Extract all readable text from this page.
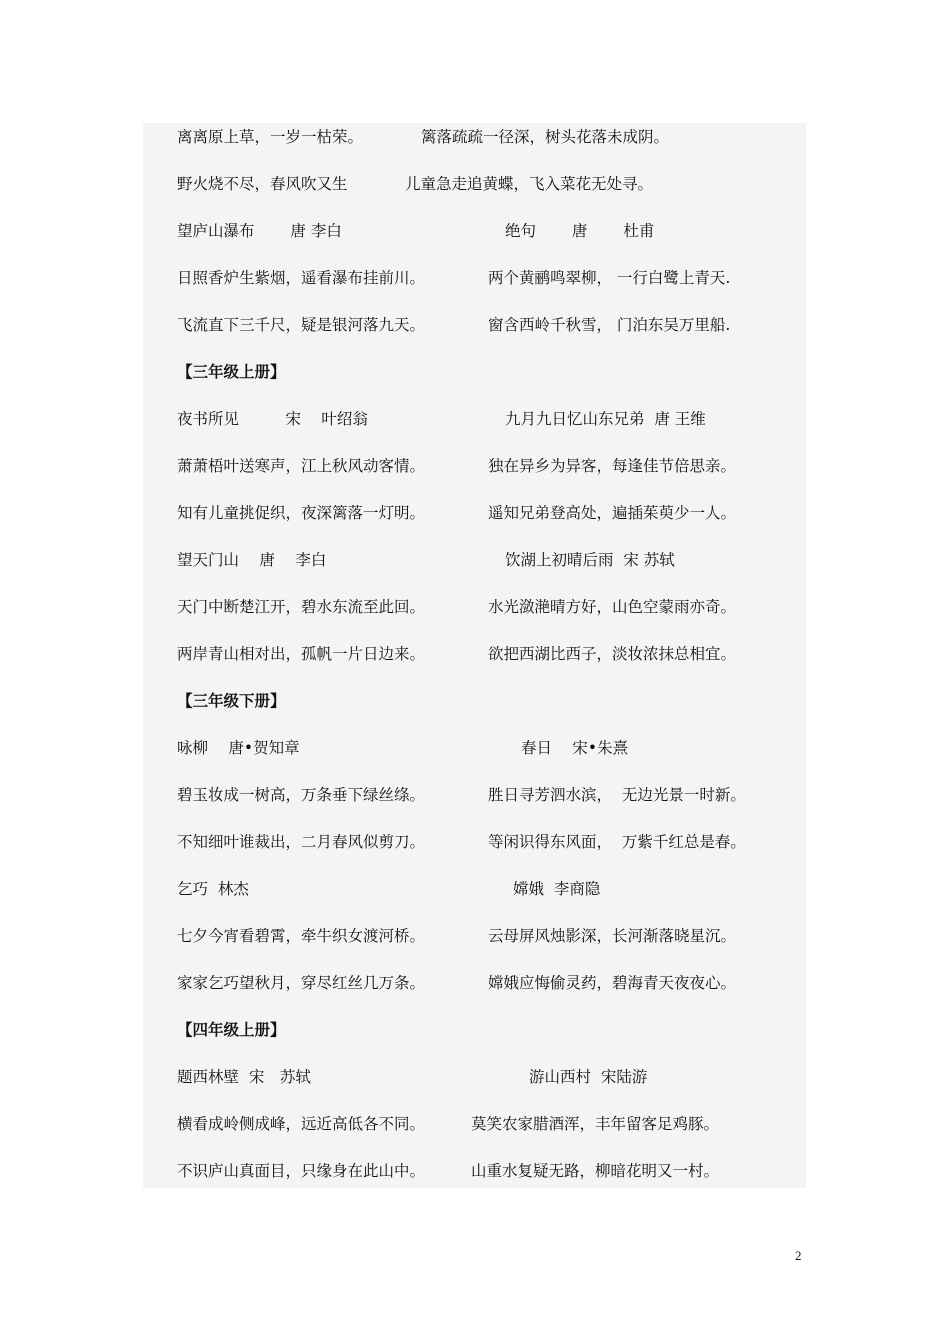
离离原上草，一岁一枯荣。	篱落疏疏一径深，树头花落未成阴。
野火烧不尽，春风吹又生	儿童急走追黄蝶，飞入菜花无处寻。
望庐山瀑布　　 唐 李白	绝句　　 唐　　 杜甫
日照香炉生紫烟，遥看瀑布挂前川。	两个黄鹂鸣翠柳， 一行白鹭上青天.
飞流直下三千尺，疑是银河落九天。	窗含西岭千秋雪， 门泊东吴万里船.
【三年级上册】
夜书所见　　　宋　 叶绍翁	九月九日忆山东兄弟  唐 王维
萧萧梧叶送寒声，江上秋风动客情。	独在异乡为异客，每逢佳节倍思亲。
知有儿童挑促织，夜深篱落一灯明。	遥知兄弟登高处，遍插茱萸少一人。
望天门山　 唐　 李白	饮湖上初晴后雨  宋 苏轼
天门中断楚江开，碧水东流至此回。	水光潋滟晴方好，山色空蒙雨亦奇。
两岸青山相对出，孤帆一片日边来。	欲把西湖比西子，淡妆浓抹总相宜。
【三年级下册】
咏柳　 唐•贺知章	春日　 宋•朱熹
碧玉妆成一树高，万条垂下绿丝绦。	胜日寻芳泗水滨，  无边光景一时新。
不知细叶谁裁出，二月春风似剪刀。	等闲识得东风面，  万紫千红总是春。
乞巧  林杰	嫦娥  李商隐
七夕今宵看碧霄，牵牛织女渡河桥。	云母屏风烛影深，长河渐落晓星沉。
家家乞巧望秋月，穿尽红丝几万条。	嫦娥应悔偷灵药，碧海青天夜夜心。
【四年级上册】
题西林壁  宋　苏轼	游山西村  宋陆游
横看成岭侧成峰，远近高低各不同。	莫笑农家腊酒浑，丰年留客足鸡豚。
不识庐山真面目，只缘身在此山中。	山重水复疑无路，柳暗花明又一村。
2
